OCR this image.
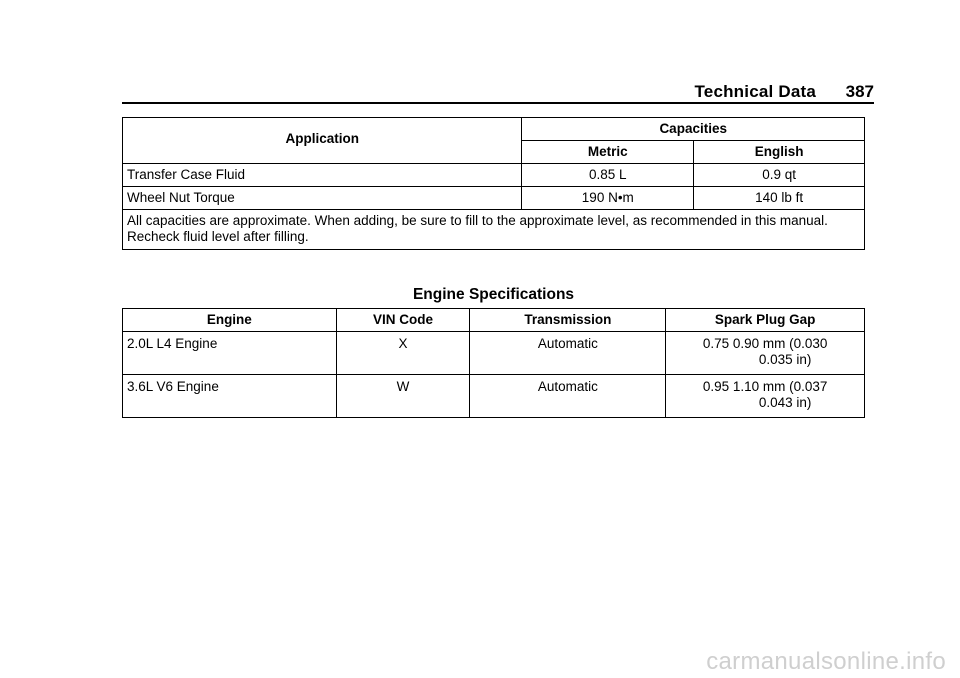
Technical Data 387
Application	Capacities	
	Metric	English
Transfer Case Fluid	0.85 L	0.9 qt
Wheel Nut Torque	190 N•m	140 lb ft
All capacities are approximate. When adding, be sure to fill to the approximate level, as recommended in this manual. Recheck fluid level after filling.		
Engine Specifications
Engine	VIN Code	Transmission	Spark Plug Gap
2.0L L4 Engine	X	Automatic	0.75 0.90 mm (0.030
0.035 in)

3.6L V6 Engine	W	Automatic	0.95 1.10 mm (0.037
0.043 in)
carmanualsonline.info
